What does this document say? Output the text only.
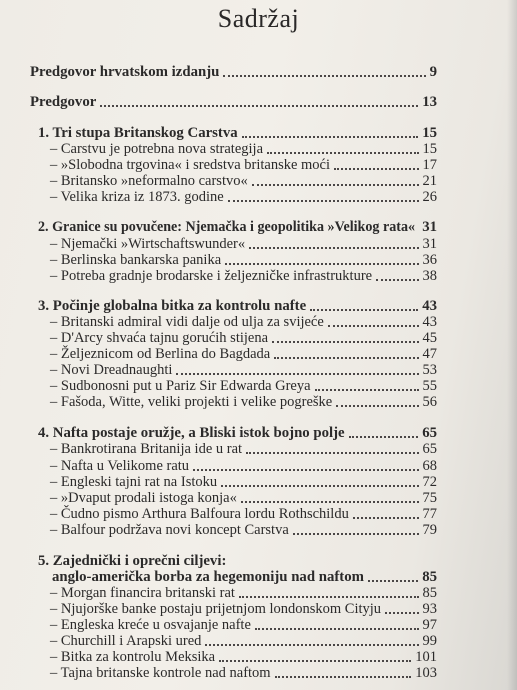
Sadržaj
Predgovor hrvatskom izdanju	9
Predgovor	13
1. Tri stupa Britanskog Carstva	15
– Carstvu je potrebna nova strategija	15
– »Slobodna trgovina« i sredstva britanske moći	17
– Britansko »neformalno carstvo«	21
– Velika kriza iz 1873. godine	26
2. Granice su povučene: Njemačka i geopolitika »Velikog rata« 31
– Njemački »Wirtschaftswunder«	31
– Berlinska bankarska panika	36
– Potreba gradnje brodarske i željezničke infrastrukture	38
3. Počinje globalna bitka za kontrolu nafte	43
– Britanski admiral vidi dalje od ulja za svijeće	43
– D'Arcy shvaća tajnu gorućih stijena	45
– Željeznicom od Berlina do Bagdada	47
– Novi Dreadnaughti	53
– Sudbonosni put u Pariz Sir Edwarda Greya	55
– Fašoda, Witte, veliki projekti i velike pogreške	56
4. Nafta postaje oružje, a Bliski istok bojno polje	65
– Bankrotirana Britanija ide u rat	65
– Nafta u Velikome ratu	68
– Engleski tajni rat na Istoku	72
– »Dvaput prodali istoga konja«	75
– Čudno pismo Arthura Balfoura lordu Rothschildu	77
– Balfour podržava novi koncept Carstva	79
5. Zajednički i oprečni ciljevi:
anglo-američka borba za hegemoniju nad naftom	85
– Morgan financira britanski rat	85
– Njujorške banke postaju prijetnjom londonskom Cityju	93
– Engleska kreće u osvajanje nafte	97
– Churchill i Arapski ured	99
– Bitka za kontrolu Meksika	101
– Tajna britanske kontrole nad naftom	103
